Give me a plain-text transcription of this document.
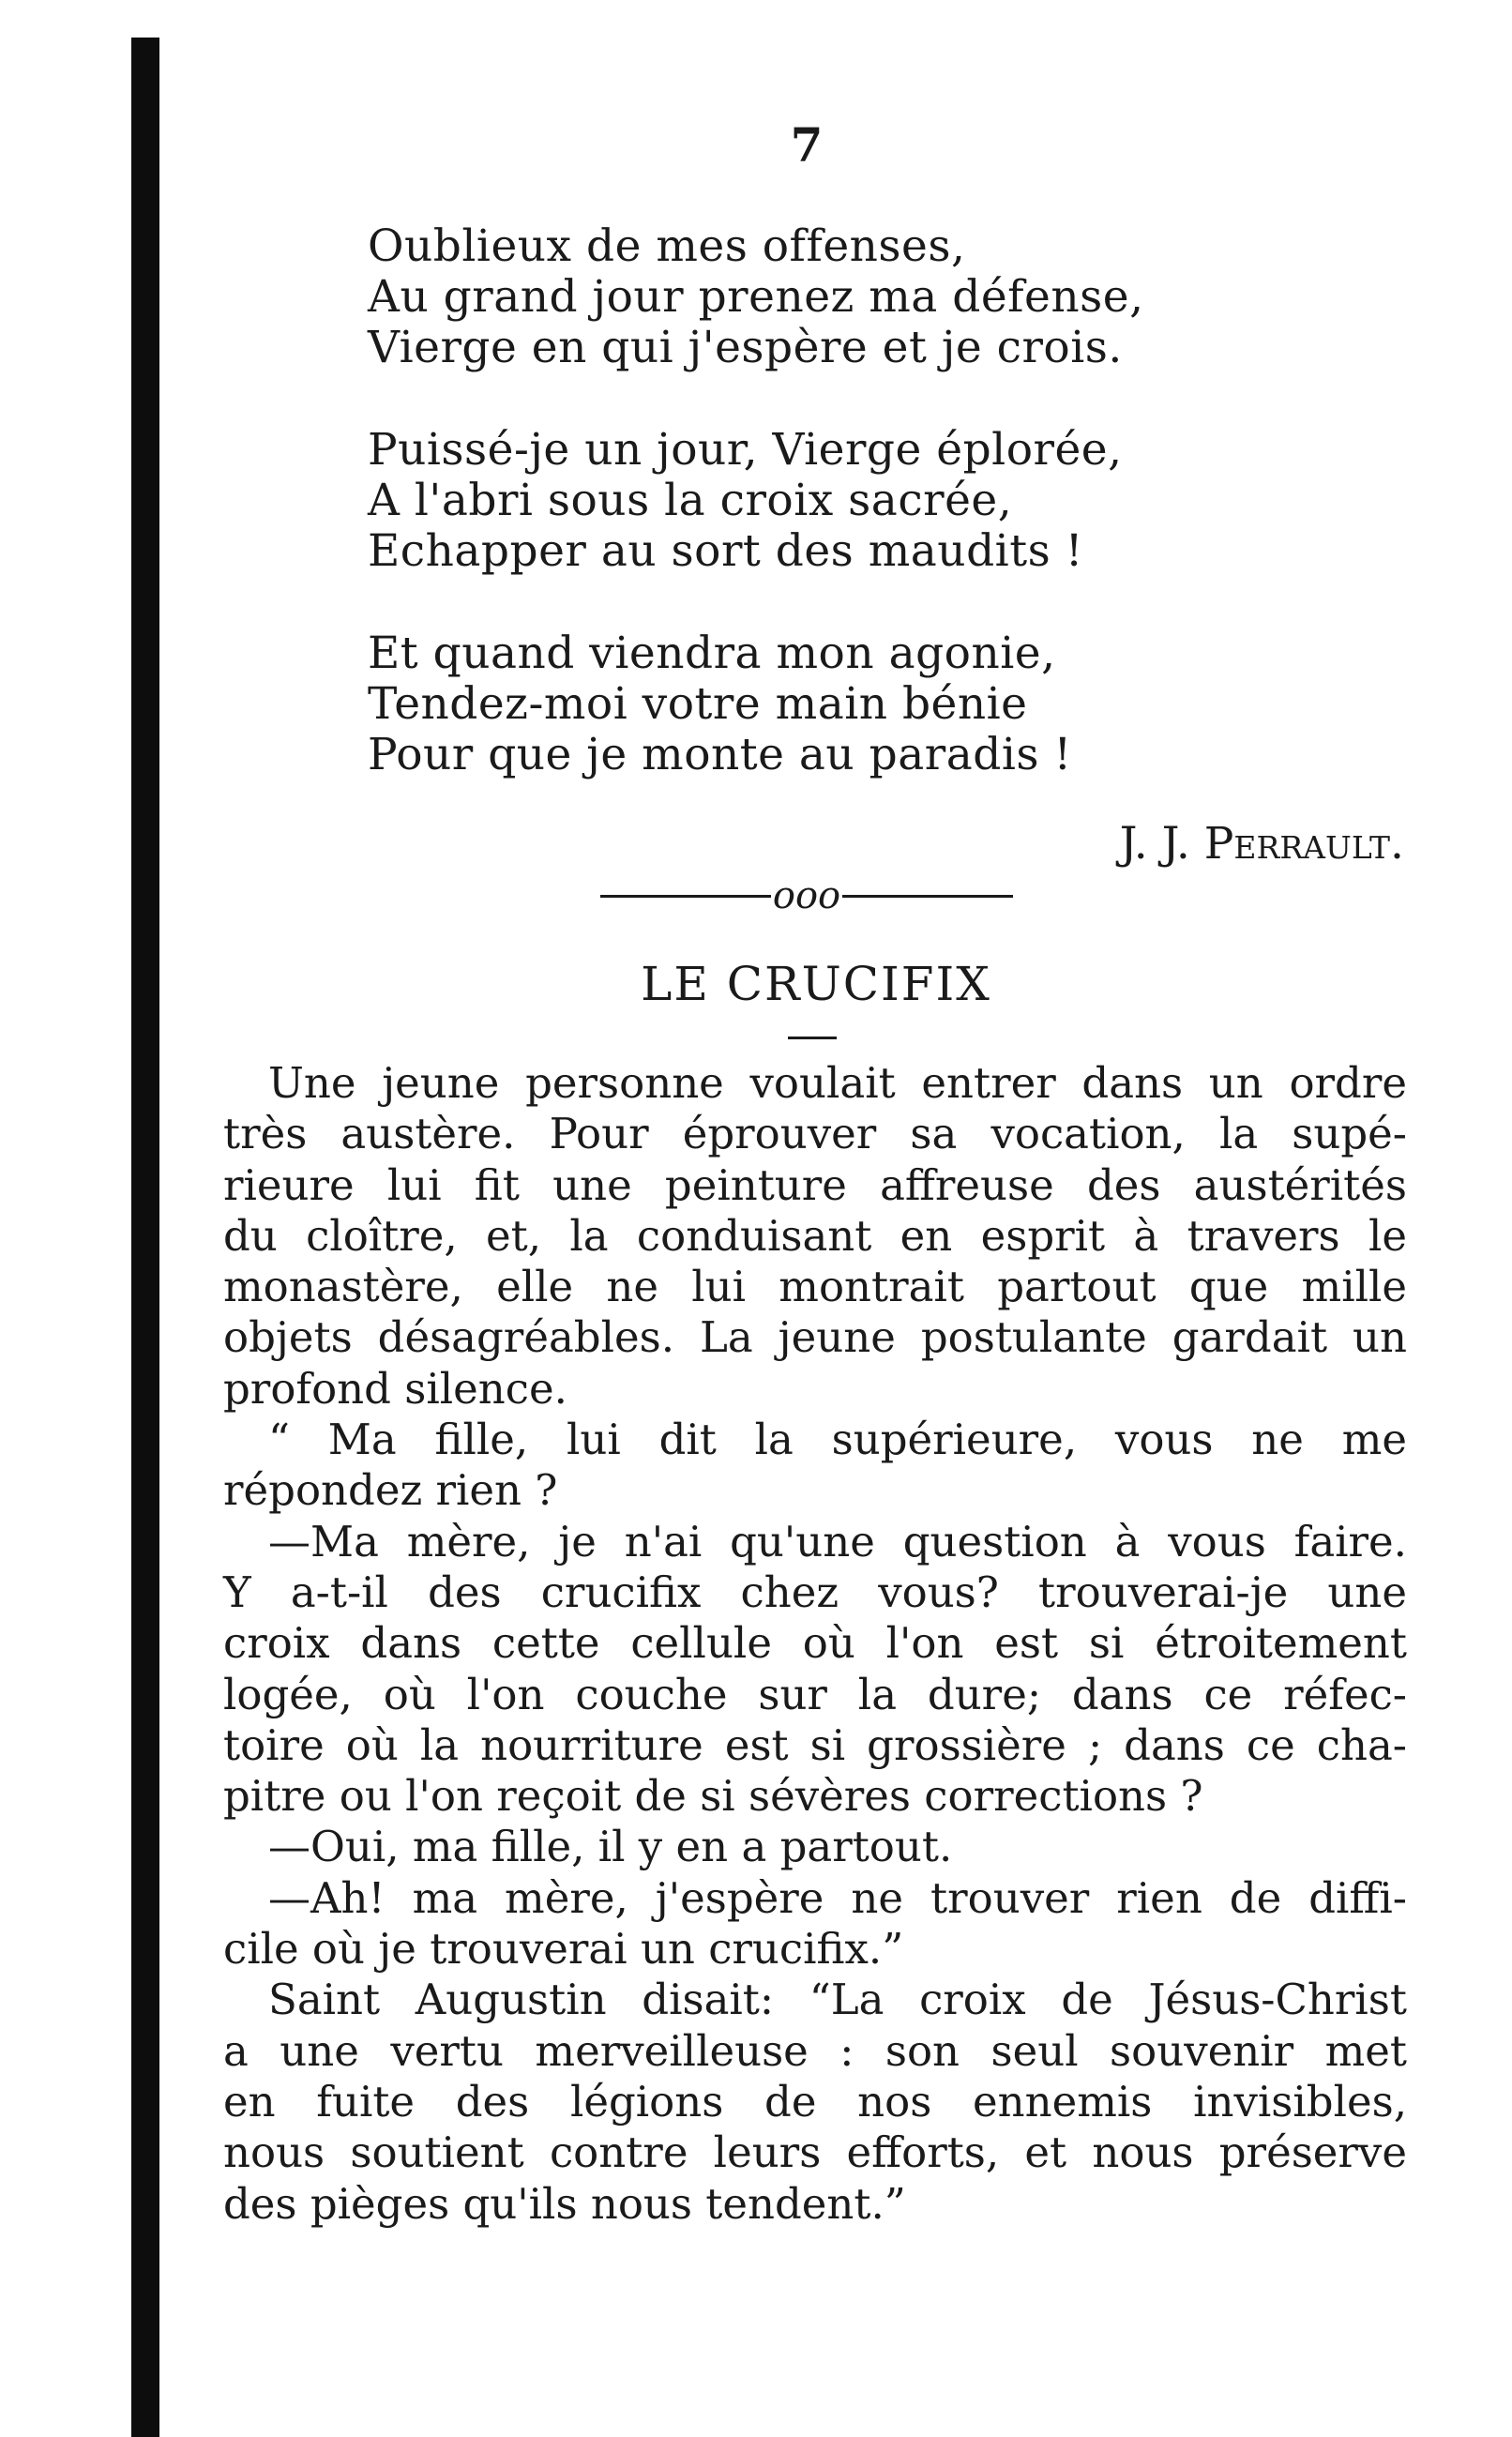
7
Oublieux de mes offenses,
Au grand jour prenez ma défense,
Vierge en qui j'espère et je crois.
Puissé-je un jour, Vierge éplorée,
A l'abri sous la croix sacrée,
Echapper au sort des maudits !
Et quand viendra mon agonie,
Tendez-moi votre main bénie
Pour que je monte au paradis !
J. J. Perrault.
ooo
LE CRUCIFIX
Une jeune personne voulait entrer dans un ordre
très austère. Pour éprouver sa vocation, la supé-
rieure lui fit une peinture affreuse des austérités
du cloître, et, la conduisant en esprit à travers le
monastère, elle ne lui montrait partout que mille
objets désagréables. La jeune postulante gardait un
profond silence.
“ Ma fille, lui dit la supérieure, vous ne me
répondez rien ?
—Ma mère, je n'ai qu'une question à vous faire.
Y a-t-il des crucifix chez vous? trouverai-je une
croix dans cette cellule où l'on est si étroitement
logée, où l'on couche sur la dure; dans ce réfec-
toire où la nourriture est si grossière ; dans ce cha-
pitre ou l'on reçoit de si sévères corrections ?
—Oui, ma fille, il y en a partout.
—Ah! ma mère, j'espère ne trouver rien de diffi-
cile où je trouverai un crucifix.”
Saint Augustin disait: “La croix de Jésus-Christ
a une vertu merveilleuse : son seul souvenir met
en fuite des légions de nos ennemis invisibles,
nous soutient contre leurs efforts, et nous préserve
des pièges qu'ils nous tendent.”
